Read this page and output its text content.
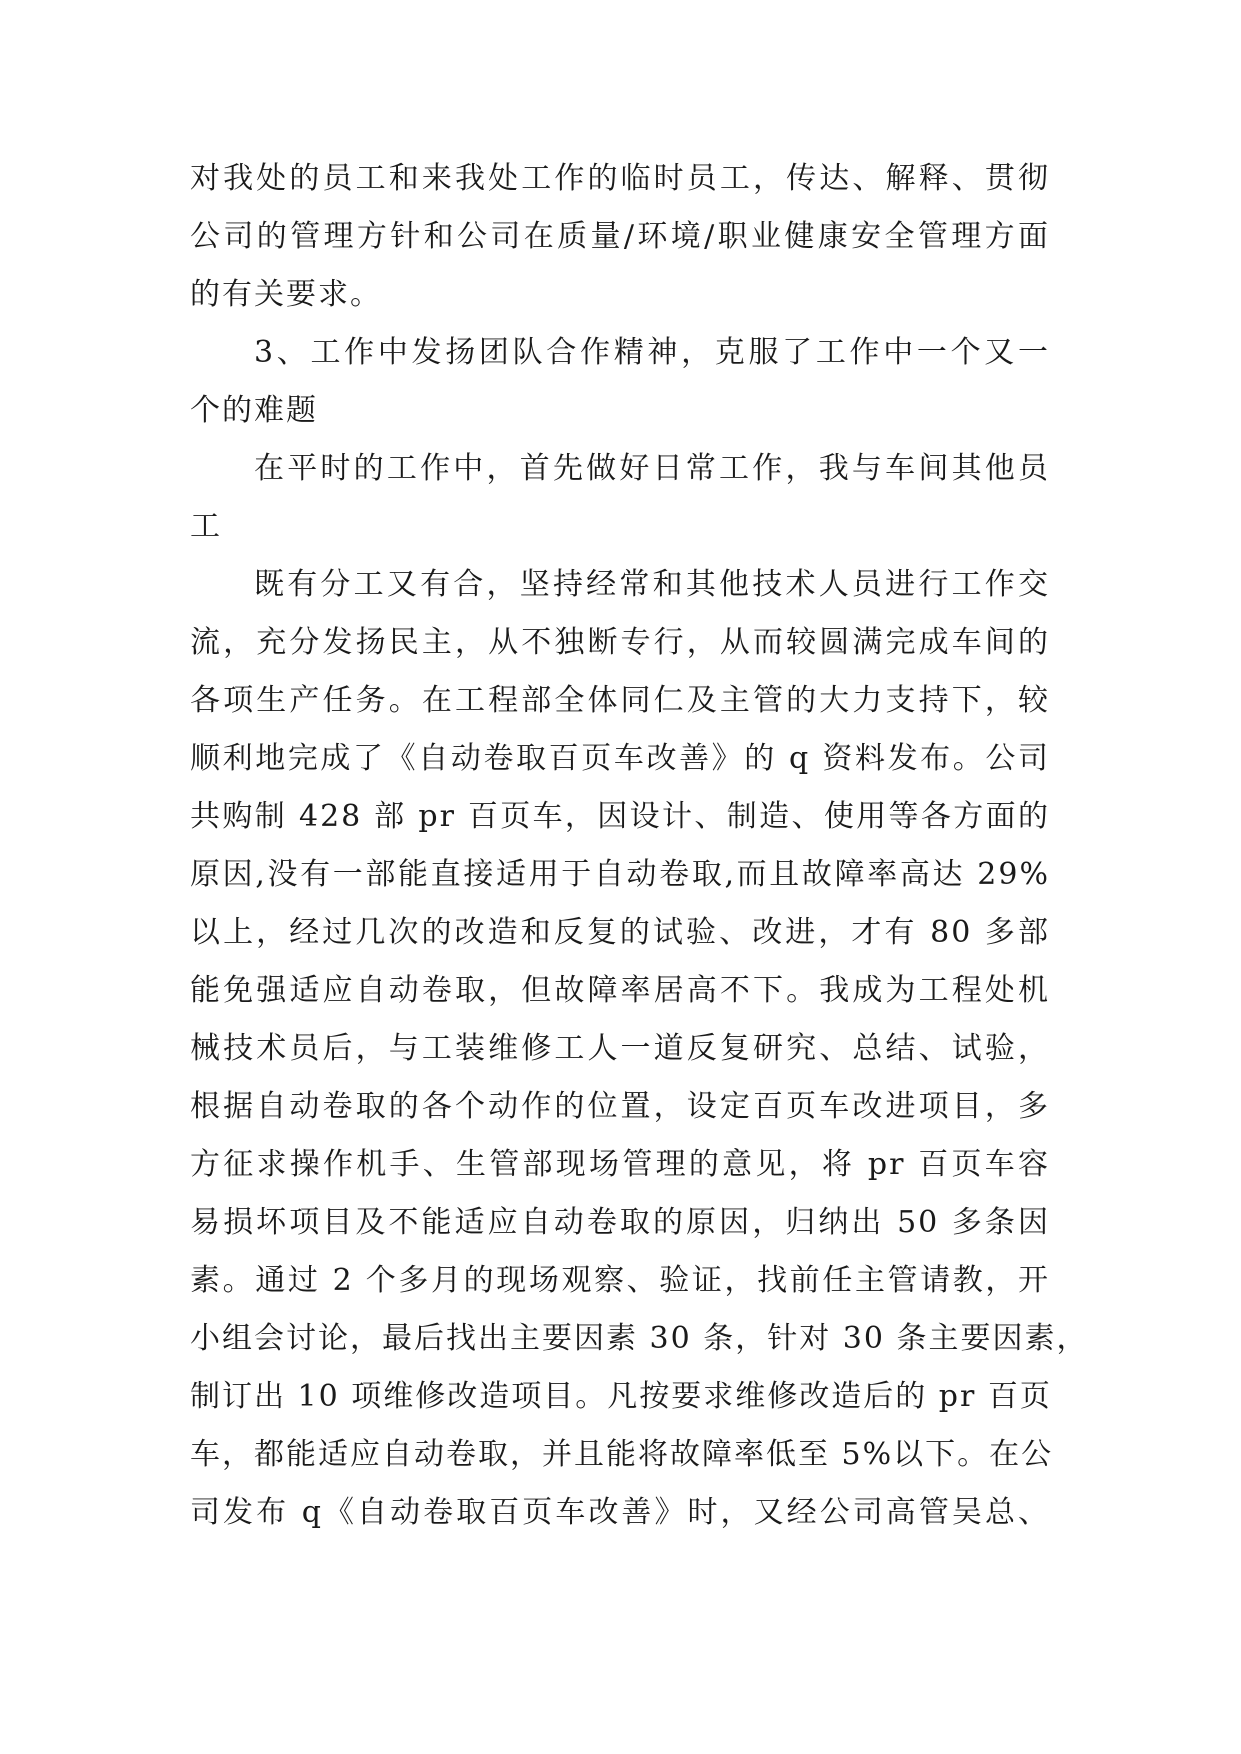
对我处的员工和来我处工作的临时员工，传达、解释、贯彻
公司的管理方针和公司在质量/环境/职业健康安全管理方面
的有关要求。
3、工作中发扬团队合作精神，克服了工作中一个又一
个的难题
在平时的工作中，首先做好日常工作，我与车间其他员
工
既有分工又有合，坚持经常和其他技术人员进行工作交
流，充分发扬民主，从不独断专行，从而较圆满完成车间的
各项生产任务。在工程部全体同仁及主管的大力支持下，较
顺利地完成了《自动卷取百页车改善》的 q 资料发布。公司
共购制 428 部 pr 百页车，因设计、制造、使用等各方面的
原因,没有一部能直接适用于自动卷取,而且故障率高达 29%
以上，经过几次的改造和反复的试验、改进，才有 80 多部
能免强适应自动卷取，但故障率居高不下。我成为工程处机
械技术员后，与工装维修工人一道反复研究、总结、试验，
根据自动卷取的各个动作的位置，设定百页车改进项目，多
方征求操作机手、生管部现场管理的意见，将 pr 百页车容
易损坏项目及不能适应自动卷取的原因，归纳出 50 多条因
素。通过 2 个多月的现场观察、验证，找前任主管请教，开
小组会讨论，最后找出主要因素 30 条，针对 30 条主要因素，
制订出 10 项维修改造项目。凡按要求维修改造后的 pr 百页
车，都能适应自动卷取，并且能将故障率低至 5%以下。在公
司发布 q《自动卷取百页车改善》时，又经公司高管吴总、
